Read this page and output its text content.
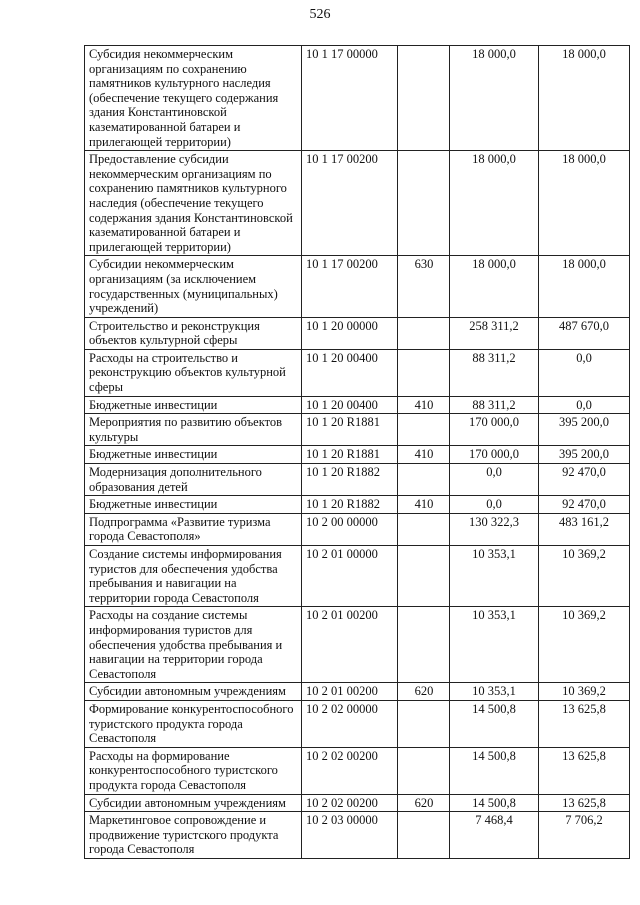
526
Субсидия некоммерческим организациям по сохранению памятников культурного наследия (обеспечение текущего содержания здания Константиновской казематированной батареи и прилегающей территории)	10 1 17 00000		18 000,0	18 000,0
Предоставление субсидии некоммерческим организациям по сохранению памятников культурного наследия (обеспечение текущего содержания здания Константиновской казематированной батареи и прилегающей территории)	10 1 17 00200		18 000,0	18 000,0
Субсидии некоммерческим организациям (за исключением государственных (муниципальных) учреждений)	10 1 17 00200	630	18 000,0	18 000,0
Строительство и реконструкция объектов культурной сферы	10 1 20 00000		258 311,2	487 670,0
Расходы на строительство и реконструкцию объектов культурной сферы	10 1 20 00400		88 311,2	0,0
Бюджетные инвестиции	10 1 20 00400	410	88 311,2	0,0
Мероприятия по развитию объектов культуры	10 1 20 R1881		170 000,0	395 200,0
Бюджетные инвестиции	10 1 20 R1881	410	170 000,0	395 200,0
Модернизация дополнительного образования детей	10 1 20 R1882		0,0	92 470,0
Бюджетные инвестиции	10 1 20 R1882	410	0,0	92 470,0
Подпрограмма «Развитие туризма города Севастополя»	10 2 00 00000		130 322,3	483 161,2
Создание системы информирования туристов для обеспечения удобства пребывания и навигации на территории города Севастополя	10 2 01 00000		10 353,1	10 369,2
Расходы на создание системы информирования туристов для обеспечения удобства пребывания и навигации на территории города Севастополя	10 2 01 00200		10 353,1	10 369,2
Субсидии автономным учреждениям	10 2 01 00200	620	10 353,1	10 369,2
Формирование конкурентоспособного туристского продукта города Севастополя	10 2 02 00000		14 500,8	13 625,8
Расходы на формирование конкурентоспособного туристского продукта города Севастополя	10 2 02 00200		14 500,8	13 625,8
Субсидии автономным учреждениям	10 2 02 00200	620	14 500,8	13 625,8
Маркетинговое сопровождение и продвижение туристского продукта города Севастополя	10 2 03 00000		7 468,4	7 706,2
